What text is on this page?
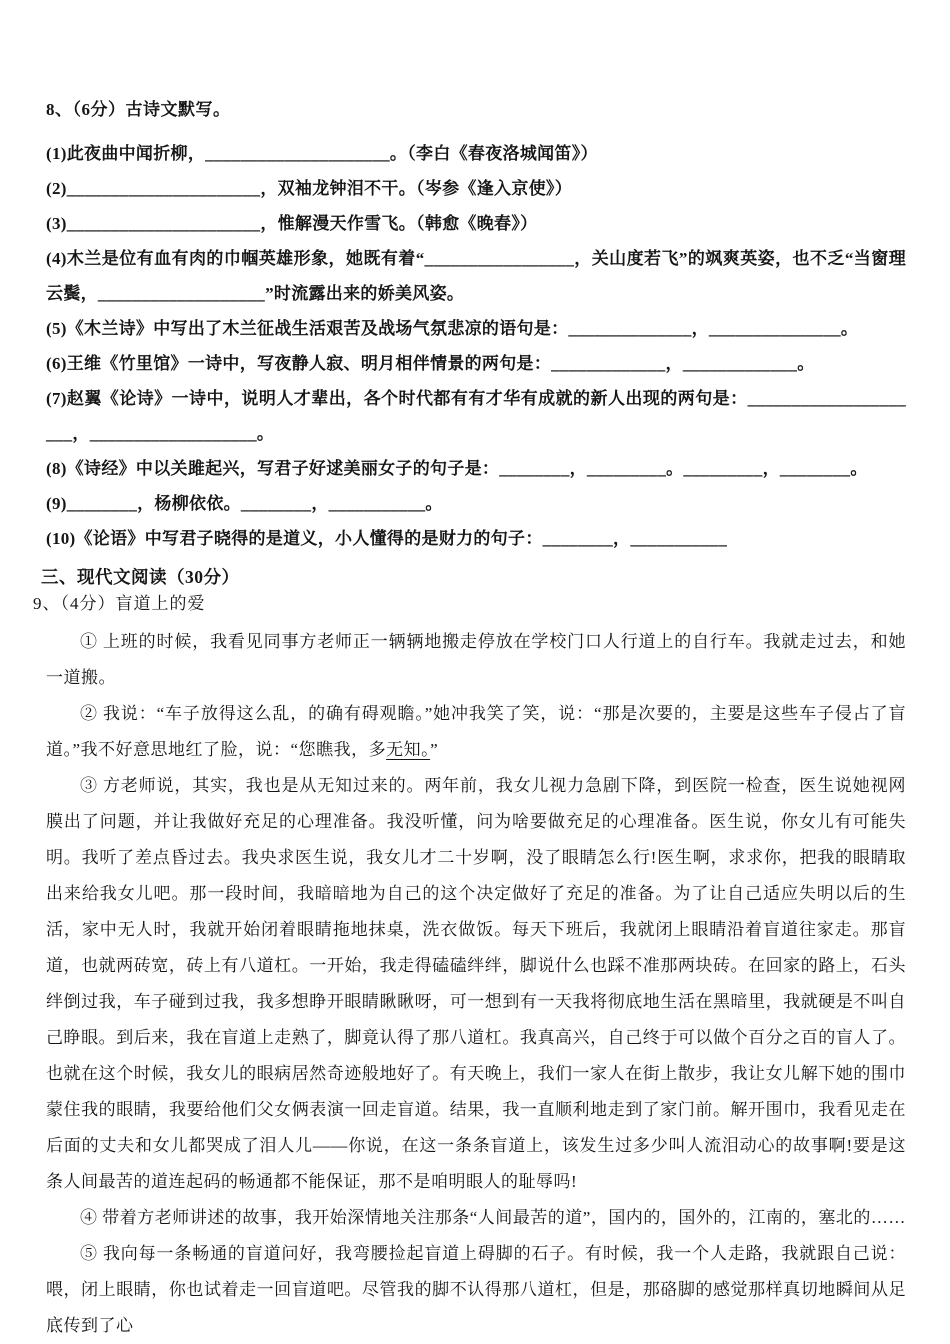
8、（6分）古诗文默写。
(1)此夜曲中闻折柳，_____________________。（李白《春夜洛城闻笛》）
(2)______________________，双袖龙钟泪不干。（岑参《逢入京使》）
(3)______________________，惟解漫天作雪飞。（韩愈《晚春》）
(4)木兰是位有血有肉的巾帼英雄形象，她既有着“_________________，关山度若飞”的飒爽英姿，也不乏“当窗理云鬓，___________________”时流露出来的娇美风姿。
(5)《木兰诗》中写出了木兰征战生活艰苦及战场气氛悲凉的语句是：______________，_______________。
(6)王维《竹里馆》一诗中，写夜静人寂、明月相伴情景的两句是：_____________，_____________。
(7)赵翼《论诗》一诗中，说明人才辈出，各个时代都有有才华有成就的新人出现的两句是：_____________________，___________________。
(8)《诗经》中以关雎起兴，写君子好逑美丽女子的句子是：________，_________。_________，________。
(9)________，杨柳依依。________，___________。
(10)《论语》中写君子晓得的是道义，小人懂得的是财力的句子：________，___________
三、现代文阅读（30分）
9、（4分）盲道上的爱

① 上班的时候，我看见同事方老师正一辆辆地搬走停放在学校门口人行道上的自行车。我就走过去，和她一道搬。

② 我说：“车子放得这么乱，的确有碍观瞻。”她冲我笑了笑，说：“那是次要的，主要是这些车子侵占了盲道。”我不好意思地红了脸，说：“您瞧我，多无知。”

③ 方老师说，其实，我也是从无知过来的。两年前，我女儿视力急剧下降，到医院一检查，医生说她视网膜出了问题，并让我做好充足的心理准备。我没听懂，问为啥要做充足的心理准备。医生说，你女儿有可能失明。我听了差点昏过去。我央求医生说，我女儿才二十岁啊，没了眼睛怎么行!医生啊，求求你，把我的眼睛取出来给我女儿吧。那一段时间，我暗暗地为自己的这个决定做好了充足的准备。为了让自己适应失明以后的生活，家中无人时，我就开始闭着眼睛拖地抹桌，洗衣做饭。每天下班后，我就闭上眼睛沿着盲道往家走。那盲道，也就两砖宽，砖上有八道杠。一开始，我走得磕磕绊绊，脚说什么也踩不准那两块砖。在回家的路上，石头绊倒过我，车子碰到过我，我多想睁开眼睛瞅瞅呀，可一想到有一天我将彻底地生活在黑暗里，我就硬是不叫自己睁眼。到后来，我在盲道上走熟了，脚竟认得了那八道杠。我真高兴，自己终于可以做个百分之百的盲人了。也就在这个时候，我女儿的眼病居然奇迹般地好了。有天晚上，我们一家人在街上散步，我让女儿解下她的围巾蒙住我的眼睛，我要给他们父女俩表演一回走盲道。结果，我一直顺利地走到了家门前。解开围巾，我看见走在后面的丈夫和女儿都哭成了泪人儿——你说，在这一条条盲道上，该发生过多少叫人流泪动心的故事啊!要是这条人间最苦的道连起码的畅通都不能保证，那不是咱明眼人的耻辱吗!

④ 带着方老师讲述的故事，我开始深情地关注那条“人间最苦的道”，国内的，国外的，江南的，塞北的……

⑤ 我向每一条畅通的盲道问好，我弯腰捡起盲道上碍脚的石子。有时候，我一个人走路，我就跟自己说：喂，闭上眼睛，你也试着走一回盲道吧。尽管我的脚不认得那八道杠，但是，那硌脚的感觉那样真切地瞬间从足底传到了心
